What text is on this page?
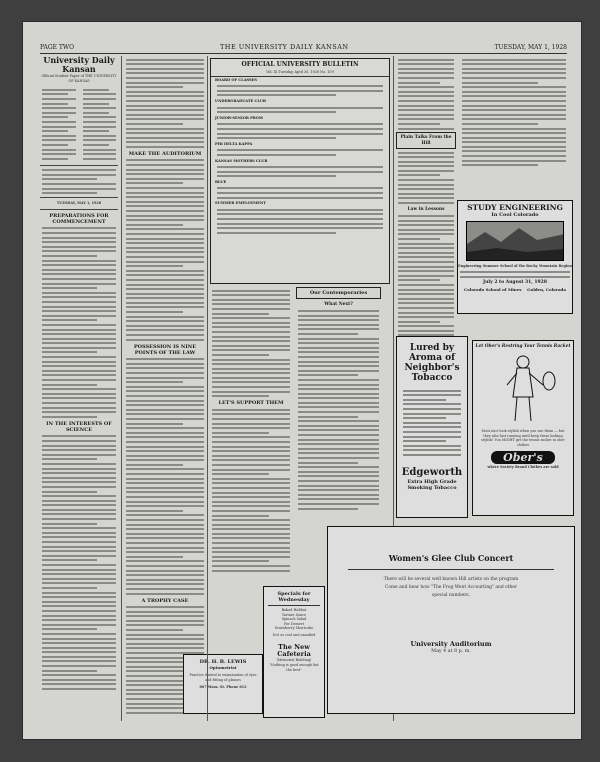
PAGE TWO	THE UNIVERSITY DAILY KANSAN	TUESDAY, MAY 1, 1928
University Daily Kansan
Official Student Paper of THE UNIVERSITY OF KANSAS
TUESDAY, MAY 1, 1928
PREPARATIONS FOR COMMENCEMENT
IN THE INTERESTS OF SCIENCE
MAKE THE AUDITORIUM
POSSESSION IS NINE POINTS OF THE LAW
A TROPHY CASE
DR. H. B. LEWIS
Optometrist
Practice limited to examination of eyes and fitting of glasses
807 Mass. St. Phone 812
OFFICIAL UNIVERSITY BULLETIN
Vol. IX Tuesday, April 30, 1928 No. 159
BOARD OF CLASSES
UNDERGRADUATE CLUB
JUNIOR-SENIOR PROM
PHI DELTA KAPPA
KANSAS MOTHERS CLUB
BLUE
SUMMER EMPLOYMENT
LET'S SUPPORT THEM
Our Contemporaries
What Next?
Specials for Wednesday
Baked Halibut
Tartare Sauce
Spinach Salad
For Dessert
Strawberry Shortcake
Not so cool and unsalted
The New Cafeteria
(Memorial Building)
"Nothing is good enough but the best"
Plain Talks From the Hill
Law in Lessons	STUDY ENGINEERING
In Cool Colorado
Engineering Summer School of the Rocky Mountain Region
July 2 to August 31, 1928
Colorado School of Mines Golden, Colorado
Lured by Aroma of Neighbor's Tobacco
Edgeworth
Extra High Grade Smoking Tobacco
Let Ober's Restring Your Tennis Racket
Most nice look stylish when you use them — but they also last running until keep them looking stylish! You MIGHT get the tennis racket in ober clothes
Ober's
where Society Brand Clothes are sold
Women's Glee Club Concert
There will be several well known Hill artists on the program
Come and hear how "The Frog Went Accourting" and other
special numbers.
University Auditorium
May 4 at 8 p. m.
